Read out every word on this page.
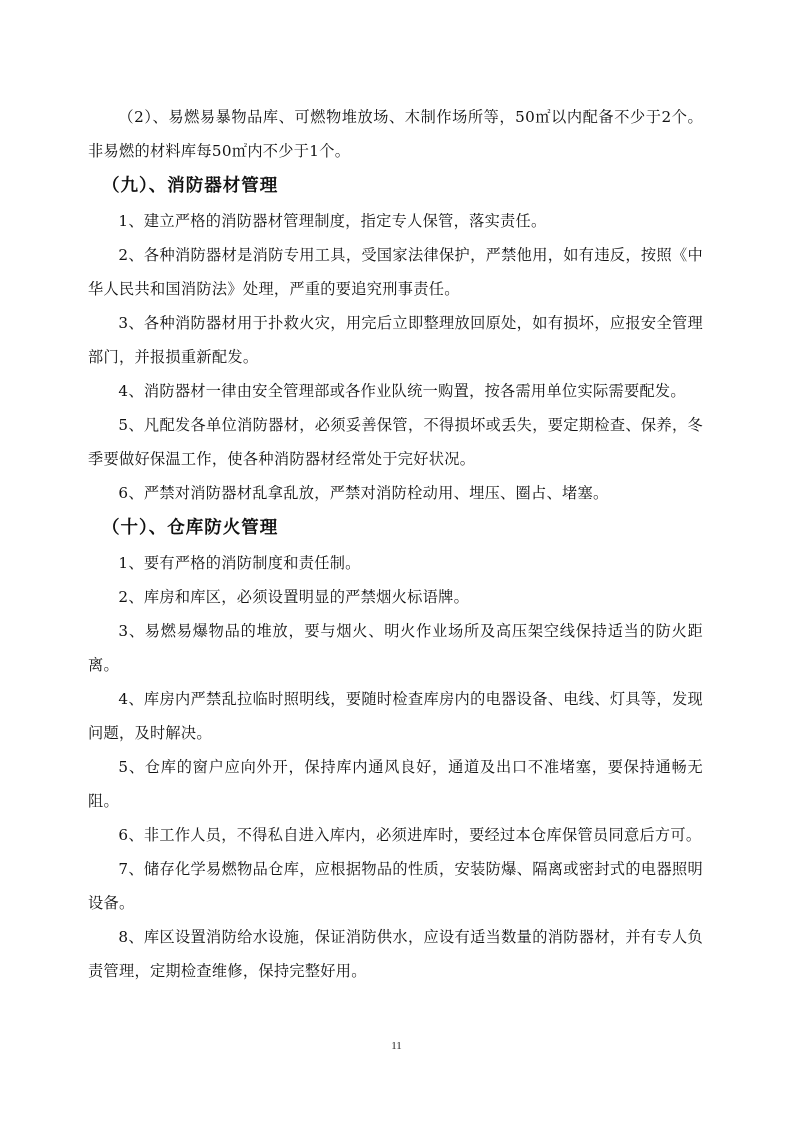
（2）、易燃易暴物品库、可燃物堆放场、木制作场所等，50㎡以内配备不少于2个。非易燃的材料库每50㎡内不少于1个。

（九）、消防器材管理

1、建立严格的消防器材管理制度，指定专人保管，落实责任。

2、各种消防器材是消防专用工具，受国家法律保护，严禁他用，如有违反，按照《中华人民共和国消防法》处理，严重的要追究刑事责任。

3、各种消防器材用于扑救火灾，用完后立即整理放回原处，如有损坏，应报安全管理部门，并报损重新配发。

4、消防器材一律由安全管理部或各作业队统一购置，按各需用单位实际需要配发。

5、凡配发各单位消防器材，必须妥善保管，不得损坏或丢失，要定期检查、保养，冬季要做好保温工作，使各种消防器材经常处于完好状况。

6、严禁对消防器材乱拿乱放，严禁对消防栓动用、埋压、圈占、堵塞。

（十）、仓库防火管理

1、要有严格的消防制度和责任制。

2、库房和库区，必须设置明显的严禁烟火标语牌。

3、易燃易爆物品的堆放，要与烟火、明火作业场所及高压架空线保持适当的防火距离。

4、库房内严禁乱拉临时照明线，要随时检查库房内的电器设备、电线、灯具等，发现问题，及时解决。

5、仓库的窗户应向外开，保持库内通风良好，通道及出口不准堵塞，要保持通畅无阻。

6、非工作人员，不得私自进入库内，必须进库时，要经过本仓库保管员同意后方可。

7、储存化学易燃物品仓库，应根据物品的性质，安装防爆、隔离或密封式的电器照明设备。

8、库区设置消防给水设施，保证消防供水，应设有适当数量的消防器材，并有专人负责管理，定期检查维修，保持完整好用。

11
